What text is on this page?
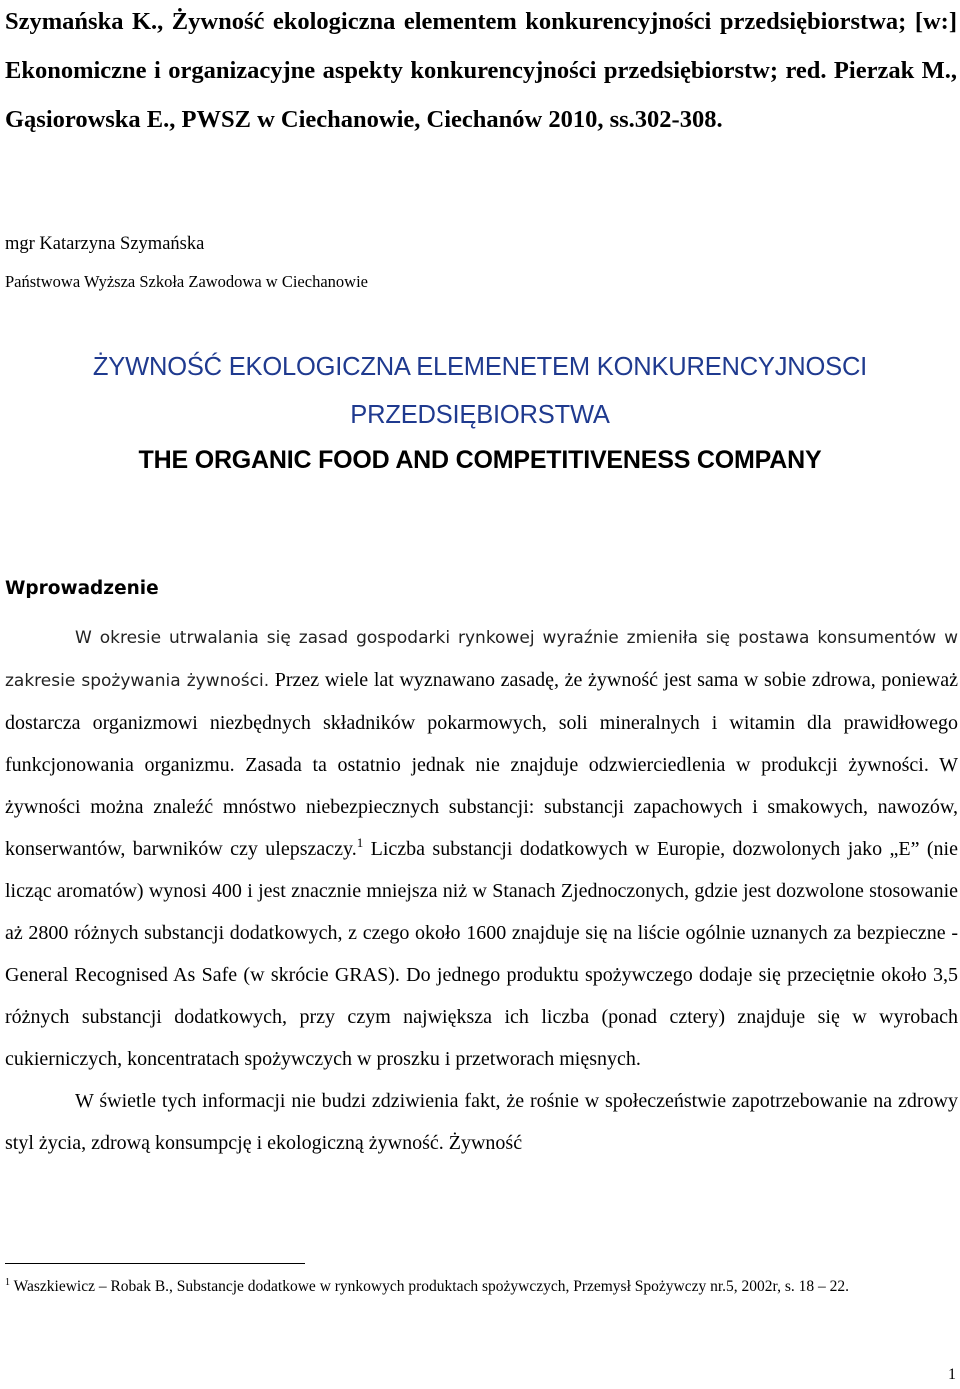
Szymańska K., Żywność ekologiczna elementem konkurencyjności przedsiębiorstwa; [w:] Ekonomiczne i organizacyjne aspekty konkurencyjności przedsiębiorstw; red. Pierzak M., Gąsiorowska E., PWSZ w Ciechanowie, Ciechanów 2010, ss.302-308.

mgr Katarzyna Szymańska

Państwowa Wyższa Szkoła Zawodowa w Ciechanowie

ŻYWNOŚĆ EKOLOGICZNA ELEMENETEM KONKURENCYJNOSCI
PRZEDSIĘBIORSTWA

THE ORGANIC FOOD AND COMPETITIVENESS COMPANY

Wprowadzenie

W okresie utrwalania się zasad gospodarki rynkowej wyraźnie zmieniła się postawa konsumentów w zakresie spożywania żywności. Przez wiele lat wyznawano zasadę, że żywność jest sama w sobie zdrowa, ponieważ dostarcza organizmowi niezbędnych składników pokarmowych, soli mineralnych i witamin dla prawidłowego funkcjonowania organizmu. Zasada ta ostatnio jednak nie znajduje odzwierciedlenia w produkcji żywności. W żywności można znaleźć mnóstwo niebezpiecznych substancji: substancji zapachowych i smakowych, nawozów, konserwantów, barwników czy ulepszaczy.$^1$ Liczba substancji dodatkowych w Europie, dozwolonych jako „E” (nie licząc aromatów) wynosi 400 i jest znacznie mniejsza niż w Stanach Zjednoczonych, gdzie jest dozwolone stosowanie aż 2800 różnych substancji dodatkowych, z czego około 1600 znajduje się na liście ogólnie uznanych za bezpieczne - General Recognised As Safe (w skrócie GRAS). Do jednego produktu spożywczego dodaje się przeciętnie około 3,5 różnych substancji dodatkowych, przy czym największa ich liczba (ponad cztery) znajduje się w wyrobach cukierniczych, koncentratach spożywczych w proszku i przetworach mięsnych.

W świetle tych informacji nie budzi zdziwienia fakt, że rośnie w społeczeństwie zapotrzebowanie na zdrowy styl życia, zdrową konsumpcję i ekologiczną żywność. Żywność

$^1$ Waszkiewicz – Robak B., Substancje dodatkowe w rynkowych produktach spożywczych, Przemysł Spożywczy nr.5, 2002r, s. 18 – 22.

1
